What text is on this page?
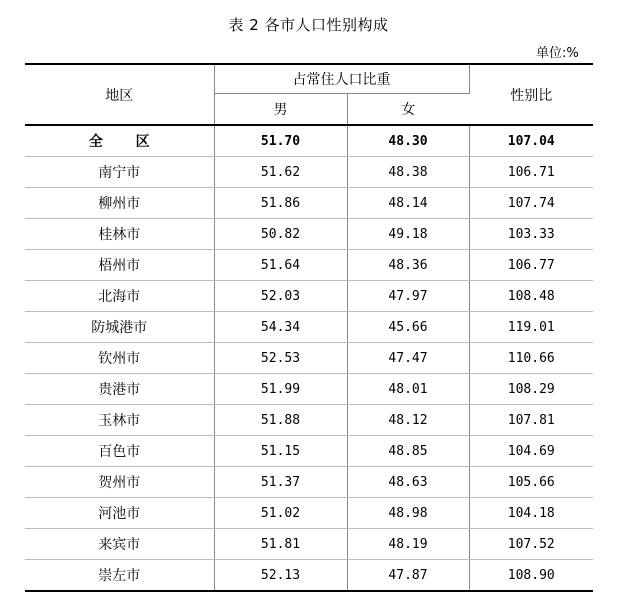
表 2 各市人口性别构成
单位:%
地区	占常住人口比重		性别比
	男	女	
全 区	51.70	48.30	107.04
南宁市	51.62	48.38	106.71
柳州市	51.86	48.14	107.74
桂林市	50.82	49.18	103.33
梧州市	51.64	48.36	106.77
北海市	52.03	47.97	108.48
防城港市	54.34	45.66	119.01
钦州市	52.53	47.47	110.66
贵港市	51.99	48.01	108.29
玉林市	51.88	48.12	107.81
百色市	51.15	48.85	104.69
贺州市	51.37	48.63	105.66
河池市	51.02	48.98	104.18
来宾市	51.81	48.19	107.52
崇左市	52.13	47.87	108.90
